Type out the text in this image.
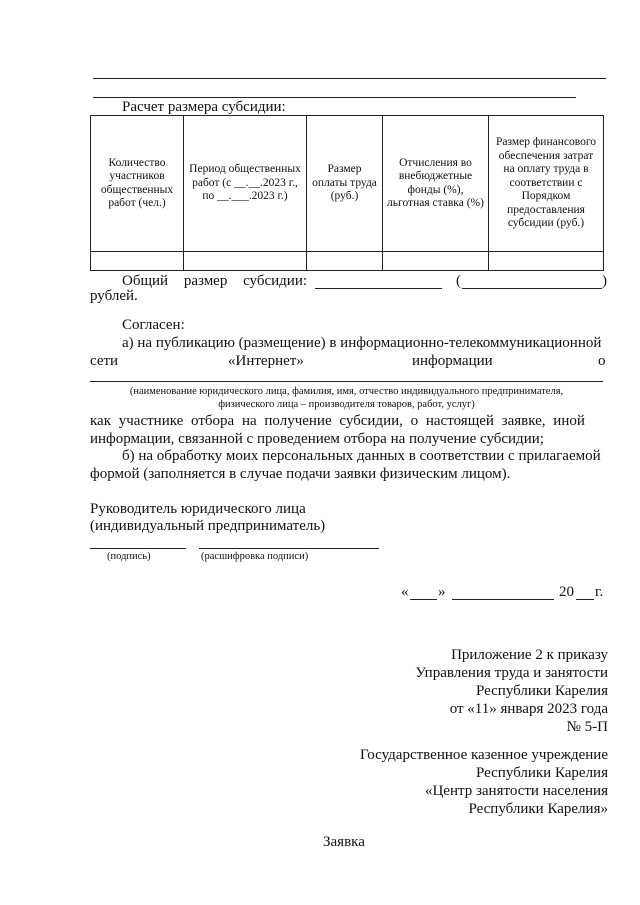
Расчет размера субсидии:
Количество участников общественных работ (чел.)	Период общественных работ (с __.__.2023 г., по __.___.2023 г.)	Размер оплаты труда (руб.)	Отчисления во внебюджетные фонды (%), льготная ставка (%)	Размер финансового обеспечения затрат на оплату труда в соответствии с Порядком предоставления субсидии (руб.)

Общий размер субсидии:	(	)
рублей.
Согласен:
а) на публикацию (размещение) в информационно-телекоммуникационной
сети	«Интернет»	информации	о
(наименование юридического лица, фамилия, имя, отчество индивидуального предпринимателя,
физического лица – производителя товаров, работ, услуг)
как участнике отбора на получение субсидии, о настоящей заявке, иной
информации, связанной с проведением отбора на получение субсидии;
б) на обработку моих персональных данных в соответствии с прилагаемой
формой (заполняется в случае подачи заявки физическим лицом).
Руководитель юридического лица
(индивидуальный предприниматель)
(подпись)	(расшифровка подписи)
« »	20 г.
Приложение 2 к приказу
Управления труда и занятости
Республики Карелия
от «11» января 2023 года
№ 5-П
Государственное казенное учреждение
Республики Карелия
«Центр занятости населения
Республики Карелия»
Заявка
